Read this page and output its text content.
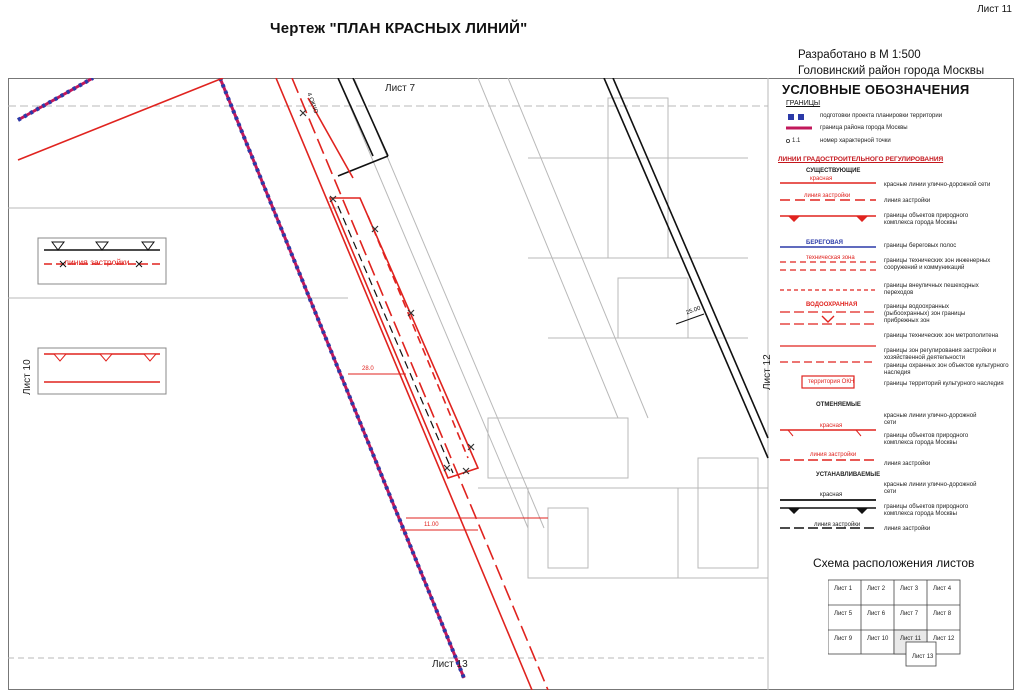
Лист 11
Чертеж "ПЛАН КРАСНЫХ ЛИНИЙ"
Разработано в М 1:500
Головинский район города Москвы
Лист 7
Лист 13
Лист 10	Лист 12
линия застройки
28.0
11.00
25.00
4 ОКЧО
УСЛОВНЫЕ ОБОЗНАЧЕНИЯ
ГРАНИЦЫ
подготовки проекта планировки территории
граница района города Москвы
1.1	номер характерной точки
ЛИНИИ ГРАДОСТРОИТЕЛЬНОГО РЕГУЛИРОВАНИЯ
СУЩЕСТВУЮЩИЕ
красная
линия застройки
БЕРЕГОВАЯ
техническая зона
ВОДООХРАННАЯ
территория ОКН
красные линии улично-дорожной сети
линия застройки
границы объектов природного комплекса города Москвы
границы береговых полос
границы технических зон инженерных сооружений и коммуникаций
границы внеуличных пешеходных переходов
границы водоохранных (рыбоохранных) зон границы прибрежных зон
границы технических зон метрополитена
границы зон регулирования застройки и хозяйственной деятельности
границы охранных зон объектов культурного наследия
границы территорий культурного наследия
ОТМЕНЯЕМЫЕ
красная
линия застройки
красные линии улично-дорожной сети
границы объектов природного комплекса города Москвы
линия застройки
УСТАНАВЛИВАЕМЫЕ
красная
линия застройки
красные линии улично-дорожной сети
границы объектов природного комплекса города Москвы
линия застройки
Схема расположения листов
Лист 1 Лист 2 Лист 3 Лист 4
Лист 5 Лист 6 Лист 7 Лист 8
Лист 9 Лист 10 Лист 11 Лист 12
Лист 13
